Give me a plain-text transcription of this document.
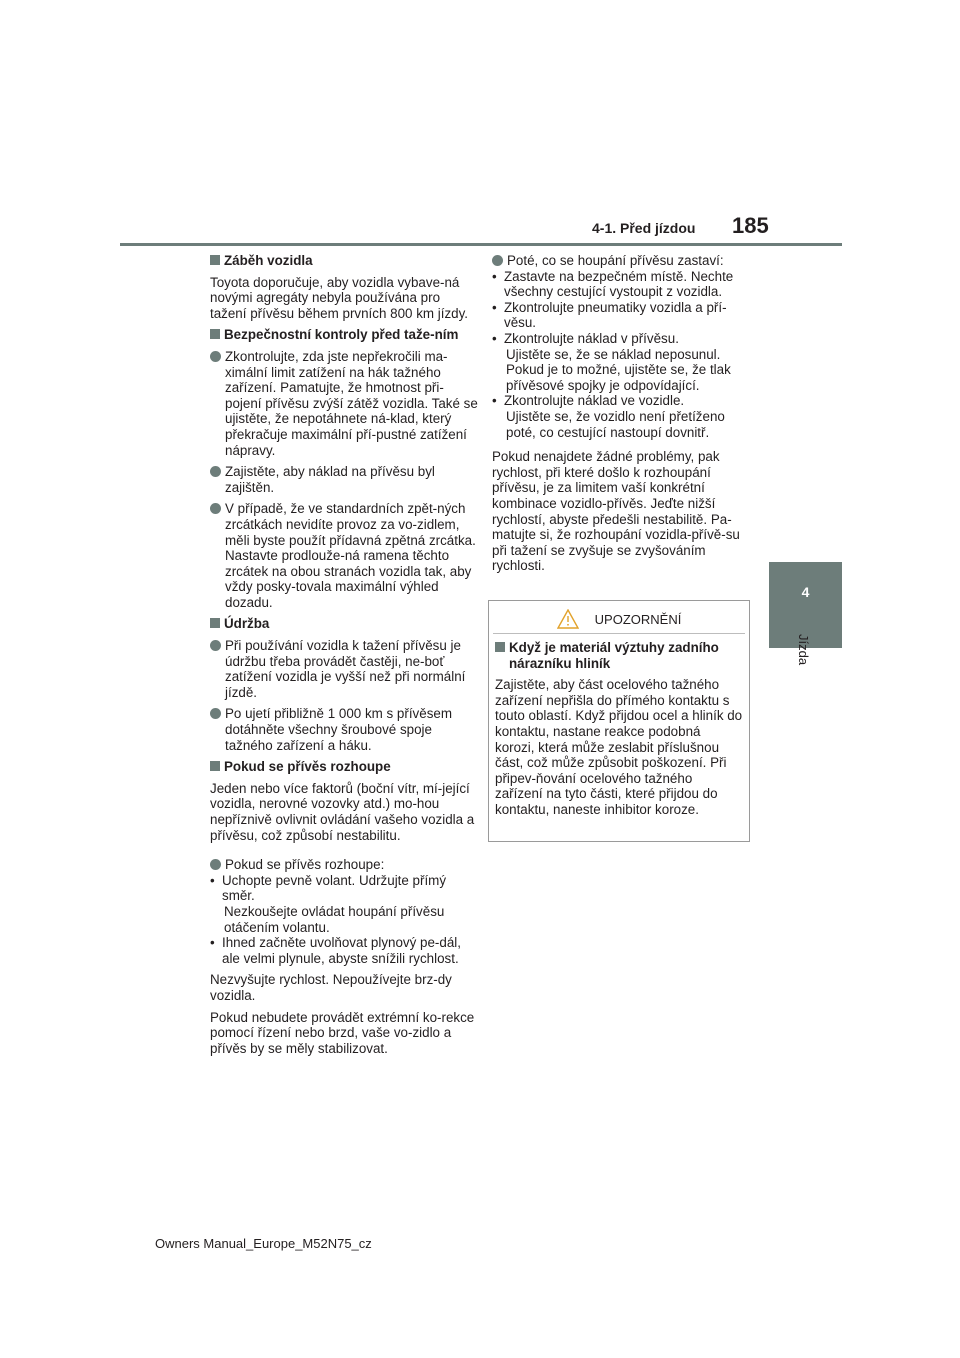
4-1. Před jízdou 185
4
Jízda
Záběh vozidla
Toyota doporučuje, aby vozidla vybave-ná novými agregáty nebyla používána pro tažení přívěsu během prvních 800 km jízdy.
Bezpečnostní kontroly před taže-ním
Zkontrolujte, zda jste nepřekročili ma-ximální limit zatížení na hák tažného zařízení. Pamatujte, že hmotnost při-pojení přívěsu zvýší zátěž vozidla. Také se ujistěte, že nepotáhnete ná-klad, který překračuje maximální pří-pustné zatížení nápravy.
Zajistěte, aby náklad na přívěsu byl zajištěn.
V případě, že ve standardních zpět-ných zrcátkách nevidíte provoz za vo-zidlem, měli byste použít přídavná zpětná zrcátka. Nastavte prodlouže-ná ramena těchto zrcátek na obou stranách vozidla tak, aby vždy posky-tovala maximální výhled dozadu.
Údržba
Při používání vozidla k tažení přívěsu je údržbu třeba provádět častěji, ne-boť zatížení vozidla je vyšší než při normální jízdě.
Po ujetí přibližně 1 000 km s přívěsem dotáhněte všechny šroubové spoje tažného zařízení a háku.
Pokud se přívěs rozhoupe
Jeden nebo více faktorů (boční vítr, mí-jející vozidla, nerovné vozovky atd.) mo-hou nepříznivě ovlivnit ovládání vašeho vozidla a přívěsu, což způsobí nestabilitu.
Pokud se přívěs rozhoupe:
• Uchopte pevně volant. Udržujte přímý směr.
Nezkoušejte ovládat houpání přívěsu otáčením volantu.
• Ihned začněte uvolňovat plynový pe-dál, ale velmi plynule, abyste snížili rychlost.
Nezvyšujte rychlost. Nepoužívejte brz-dy vozidla.
Pokud nebudete provádět extrémní ko-rekce pomocí řízení nebo brzd, vaše vo-zidlo a přívěs by se měly stabilizovat.
Poté, co se houpání přívěsu zastaví:
• Zastavte na bezpečném místě. Nechte všechny cestující vystoupit z vozidla.
• Zkontrolujte pneumatiky vozidla a pří-věsu.
• Zkontrolujte náklad v přívěsu.
Ujistěte se, že se náklad neposunul. Pokud je to možné, ujistěte se, že tlak přívěsové spojky je odpovídající.
• Zkontrolujte náklad ve vozidle.
Ujistěte se, že vozidlo není přetíženo poté, co cestující nastoupí dovnitř.
Pokud nenajdete žádné problémy, pak rychlost, při které došlo k rozhoupání přívěsu, je za limitem vaší konkrétní kombinace vozidlo-přívěs. Jeďte nižší rychlostí, abyste předešli nestabilitě. Pa-matujte si, že rozhoupání vozidla-přívě-su při tažení se zvyšuje se zvyšováním rychlosti.
UPOZORNĚNÍ
Když je materiál výztuhy zadního nárazníku hliník
Zajistěte, aby část ocelového tažného zařízení nepřišla do přímého kontaktu s touto oblastí. Když přijdou ocel a hliník do kontaktu, nastane reakce podobná korozi, která může zeslabit příslušnou část, což může způsobit poškození. Při připev-ňování ocelového tažného zařízení na tyto části, které přijdou do kontaktu, naneste inhibitor koroze.
Owners Manual_Europe_M52N75_cz
